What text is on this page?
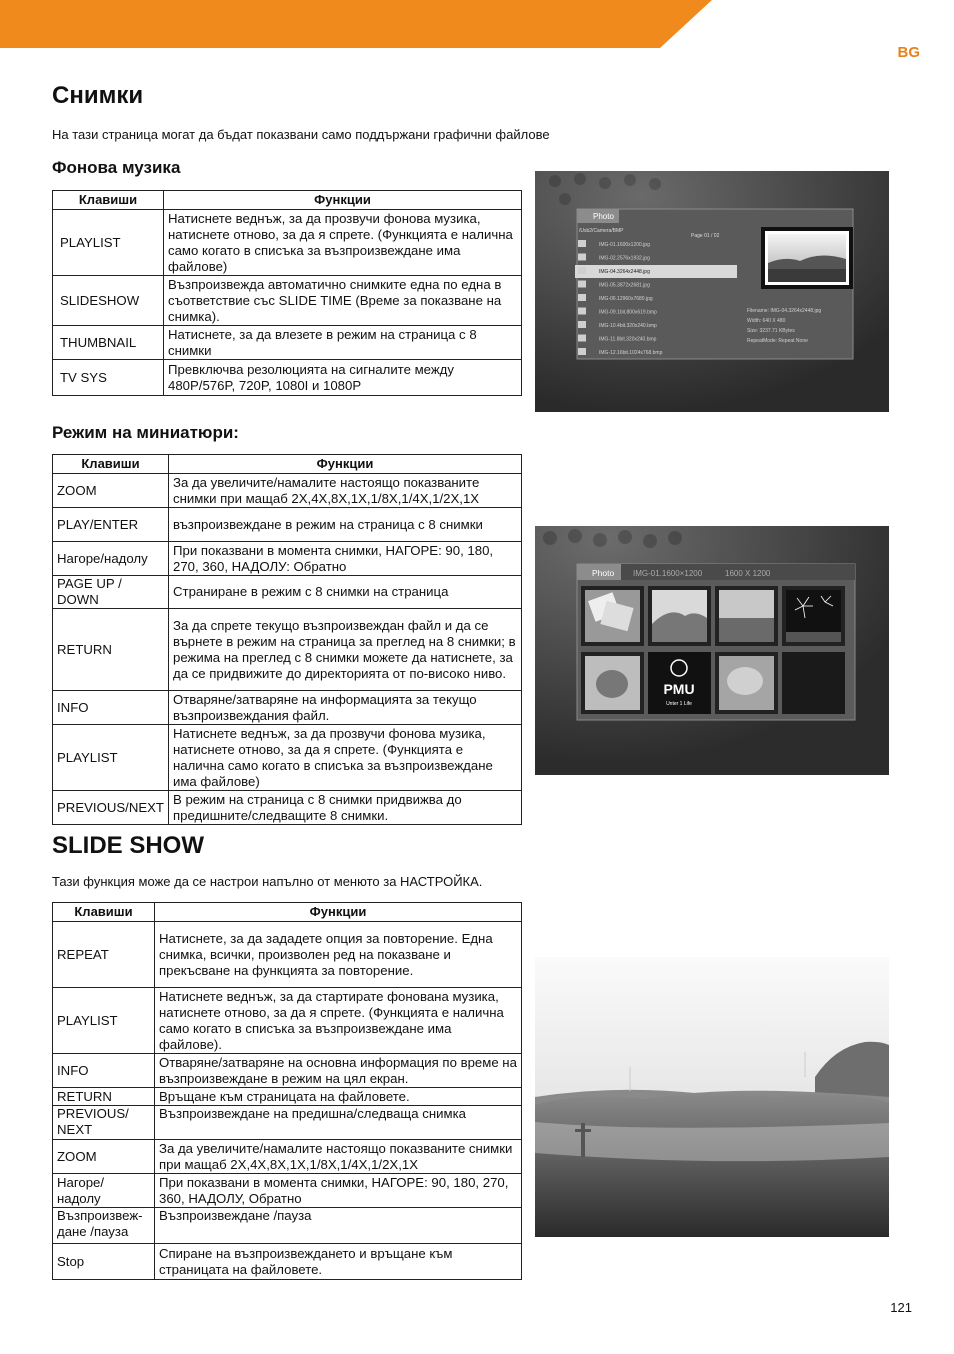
BG
Снимки

На тази страница могат да бъдат показвани само поддържани графични файлове

Фонова музика
Клавиши	Функции
PLAYLIST	Натиснете веднъж, за да прозвучи фонова музика, натиснете отново, за да я спрете. (Функцията е налична само когато в списъка за възпроизвеждане има файлове)
SLIDESHOW	Възпроизвежда автоматично снимките една по една в съответствие със SLIDE TIME (Време за показване на снимка).
THUMBNAIL	Натиснете, за да влезете в режим на страница с 8 снимки
TV SYS	Превключва резолюцията на сигналите между 480P/576P, 720P, 1080I и 1080P
Режим на миниатюри:
Клавиши	Функции
ZOOM	За да увеличите/намалите настоящо показваните снимки при мащаб 2X,4X,8X,1X,1/8X,1/4X,1/2X,1X
PLAY/ENTER	възпроизвеждане в режим на страница с 8 снимки
Нагоре/надолу	При показвани в момента снимки, НАГОРЕ: 90, 180, 270, 360, НАДОЛУ: Обратно
PAGE UP / DOWN	Страниране в режим с 8 снимки на страница
RETURN	За да спрете текущо възпроизвеждан файл и да се върнете в режим на страница за преглед на 8 снимки; в режима на преглед с 8 снимки можете да натиснете, за да се придвижите до директорията от по-високо ниво.
INFO	Отваряне/затваряне на информацията за текущо възпроизвеждания файл.
PLAYLIST	Натиснете веднъж, за да прозвучи фонова музика, натиснете отново, за да я спрете. (Функцията е налична само когато в списъка за възпроизвеждане има файлове)
PREVIOUS/NEXT	В режим на страница с 8 снимки придвижва до предишните/следващите 8 снимки.
SLIDE SHOW

Тази функция може да се настрои напълно от менюто за НАСТРОЙКА.

Клавиши	Функции
REPEAT	Натиснете, за да зададете опция за повторение. Една снимка, всички, произволен ред на показване и прекъсване на функцията за повторение.
PLAYLIST	Натиснете веднъж, за да стартирате фонована музика, натиснете отново, за да я спрете. (Функцията е налична само когато в списъка за възпроизвеждане има файлове).
INFO	Отваряне/затваряне на основна информация по време на възпроизвеждане в режим на цял екран.
RETURN	Връщане към страницата на файловете.
PREVIOUS/ NEXT	Възпроизвеждане на предишна/следваща снимка
ZOOM	За да увеличите/намалите настоящо показваните снимки при мащаб 2X,4X,8X,1X,1/8X,1/4X,1/2X,1X
Нагоре/ надолу	При показвани в момента снимки, НАГОРЕ: 90, 180, 270, 360, НАДОЛУ, Обратно
Възпроизвеж-дане /пауза	Възпроизвеждане /пауза
Stop	Спиране на възпроизвеждането и връщане към страницата на файловете.
Photo
/Usb2/Camera/BMP
Page 01 / 02
IMG-01.1600x1200.jpg
IMG-02.2576x1932.jpg
IMG-04.3264x2448.jpg
IMG-05.3872x2681.jpg
IMG-06.12960x7680.jpg
IMG-09.1bit.800x619.bmp
IMG-10.4bit.320x240.bmp
IMG-11.8bit.320x240.bmp
IMG-12.16bit.1024x768.bmp
Filename: IMG-04.3264x2448.jpg
Width: 640 X 480
Size: 3237.71 KBytes
RepeatMode: Repeat None
Photo IMG-01.1600×1200	1600 X 1200
PMU
Unter 1 Life
121
